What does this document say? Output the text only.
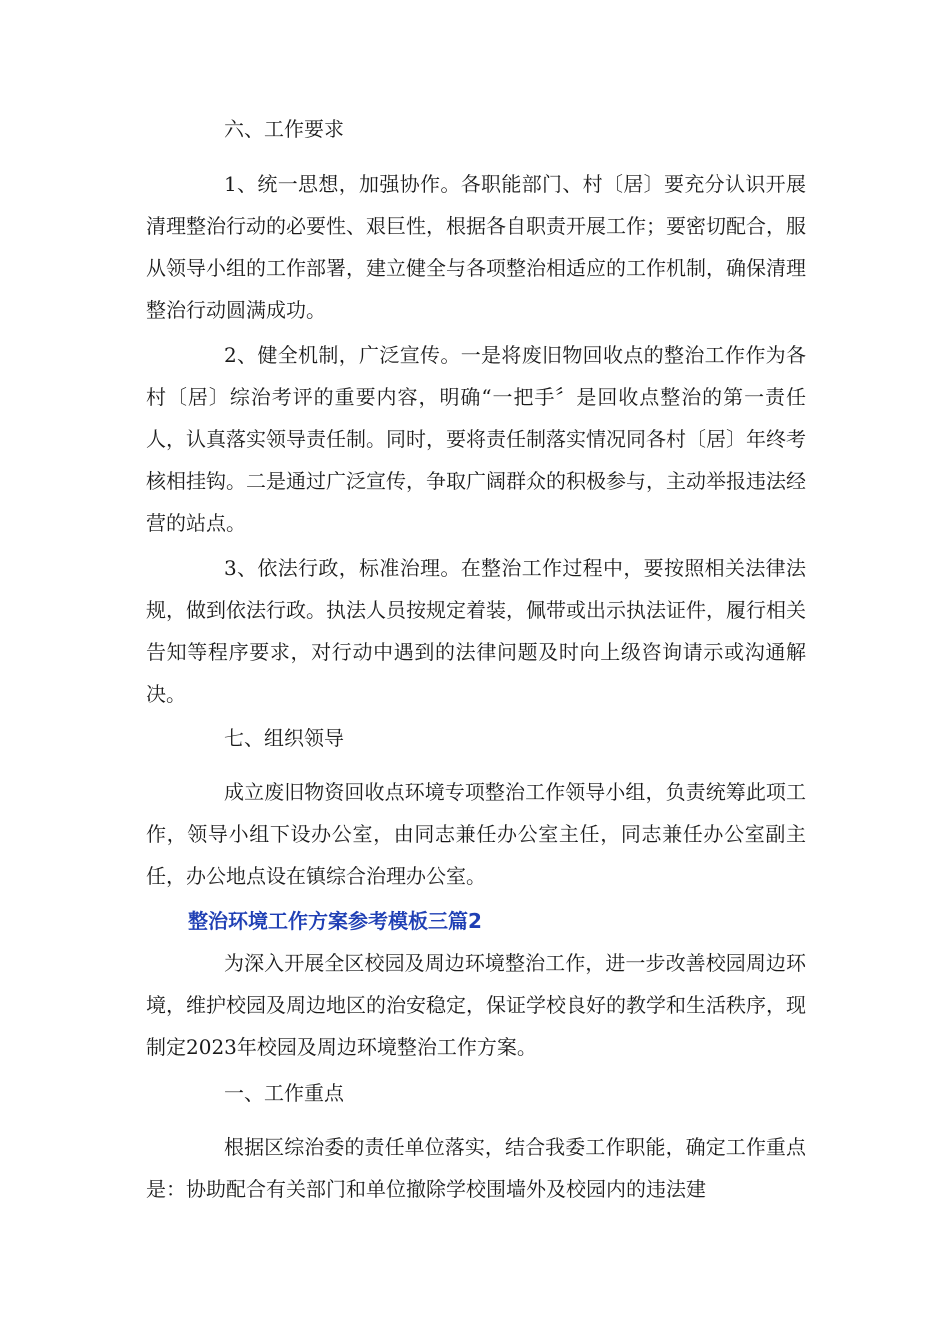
六、工作要求

1、统一思想，加强协作。各职能部门、村〔居〕要充分认识开展清理整治行动的必要性、艰巨性，根据各自职责开展工作；要密切配合，服从领导小组的工作部署，建立健全与各项整治相适应的工作机制，确保清理整治行动圆满成功。

2、健全机制，广泛宣传。一是将废旧物回收点的整治工作作为各村〔居〕综治考评的重要内容，明确“一把手〞是回收点整治的第一责任人，认真落实领导责任制。同时，要将责任制落实情况同各村〔居〕年终考核相挂钩。二是通过广泛宣传，争取广阔群众的积极参与，主动举报违法经营的站点。

3、依法行政，标准治理。在整治工作过程中，要按照相关法律法规，做到依法行政。执法人员按规定着装，佩带或出示执法证件，履行相关告知等程序要求，对行动中遇到的法律问题及时向上级咨询请示或沟通解决。

七、组织领导

成立废旧物资回收点环境专项整治工作领导小组，负责统筹此项工作，领导小组下设办公室，由同志兼任办公室主任，同志兼任办公室副主任，办公地点设在镇综合治理办公室。

整治环境工作方案参考模板三篇2

为深入开展全区校园及周边环境整治工作，进一步改善校园周边环境，维护校园及周边地区的治安稳定，保证学校良好的教学和生活秩序，现制定2023年校园及周边环境整治工作方案。

一、工作重点

根据区综治委的责任单位落实，结合我委工作职能，确定工作重点是：协助配合有关部门和单位撤除学校围墙外及校园内的违法建
